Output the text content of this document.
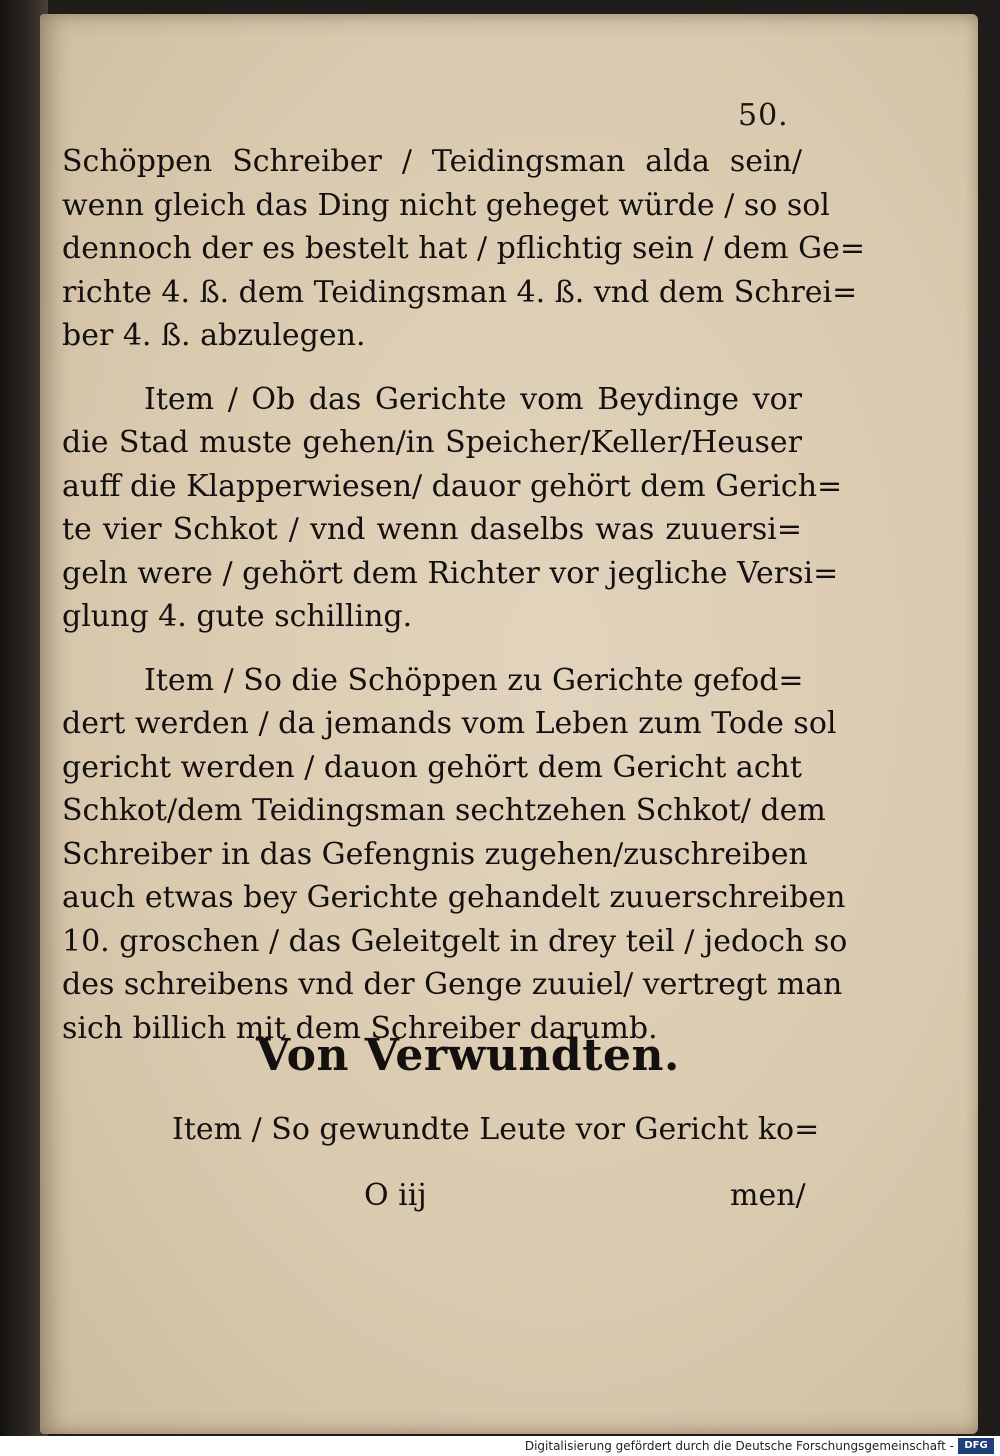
50.
Schöppen Schreiber / Teidingsman alda sein/
wenn gleich das Ding nicht geheget würde / so sol
dennoch der es bestelt hat / pflichtig sein / dem Ge=
richte 4. ß. dem Teidingsman 4. ß. vnd dem Schrei=
ber 4. ß. abzulegen.
Item / Ob das Gerichte vom Beydinge vor
die Stad muste gehen/in Speicher/Keller/Heuser
auff die Klapperwiesen/ dauor gehört dem Gerich=
te vier Schkot / vnd wenn daselbs was zuuersi=
geln were / gehört dem Richter vor jegliche Versi=
glung 4. gute schilling.
Item / So die Schöppen zu Gerichte gefod=
dert werden / da jemands vom Leben zum Tode sol
gericht werden / dauon gehört dem Gericht acht
Schkot/dem Teidingsman sechtzehen Schkot/ dem
Schreiber in das Gefengnis zugehen/zuschreiben
auch etwas bey Gerichte gehandelt zuuerschreiben
10. groschen / das Geleitgelt in drey teil / jedoch so
des schreibens vnd der Genge zuuiel/ vertregt man
sich billich mit dem Schreiber darumb.
Von Verwundten.
Item / So gewundte Leute vor Gericht ko=
O iij	men/
Digitalisierung gefördert durch die Deutsche Forschungsgemeinschaft -	DFG
